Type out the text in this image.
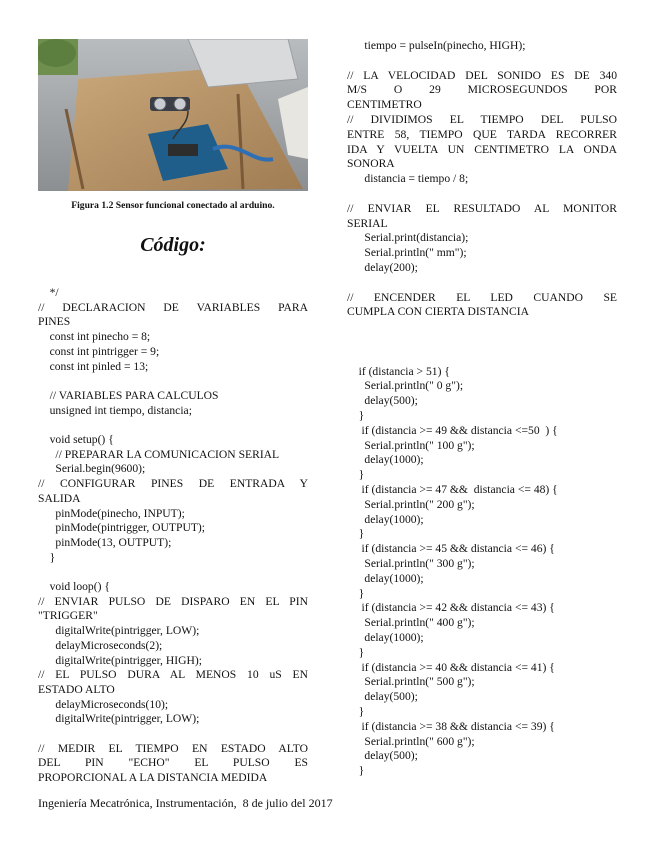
Figura 1.2 Sensor funcional conectado al arduino.
Código:
*/
// DECLARACION DE VARIABLES PARA
PINES
const int pinecho = 8;
const int pintrigger = 9;
const int pinled = 13;
// VARIABLES PARA CALCULOS
unsigned int tiempo, distancia;
void setup() {
// PREPARAR LA COMUNICACION SERIAL
Serial.begin(9600);
// CONFIGURAR PINES DE ENTRADA Y
SALIDA
pinMode(pinecho, INPUT);
pinMode(pintrigger, OUTPUT);
pinMode(13, OUTPUT);
}
void loop() {
// ENVIAR PULSO DE DISPARO EN EL PIN
"TRIGGER"
digitalWrite(pintrigger, LOW);
delayMicroseconds(2);
digitalWrite(pintrigger, HIGH);
// EL PULSO DURA AL MENOS 10 uS EN
ESTADO ALTO
delayMicroseconds(10);
digitalWrite(pintrigger, LOW);
// MEDIR EL TIEMPO EN ESTADO ALTO
DEL PIN "ECHO" EL PULSO ES
PROPORCIONAL A LA DISTANCIA MEDIDA
tiempo = pulseIn(pinecho, HIGH);
// LA VELOCIDAD DEL SONIDO ES DE 340
M/S O 29 MICROSEGUNDOS POR
CENTIMETRO
// DIVIDIMOS EL TIEMPO DEL PULSO
ENTRE 58, TIEMPO QUE TARDA RECORRER
IDA Y VUELTA UN CENTIMETRO LA ONDA
SONORA
distancia = tiempo / 8;
// ENVIAR EL RESULTADO AL MONITOR
SERIAL
Serial.print(distancia);
Serial.println(" mm");
delay(200);
// ENCENDER EL LED CUANDO SE
CUMPLA CON CIERTA DISTANCIA
if (distancia > 51) {
Serial.println(" 0 g");
delay(500);
}
if (distancia >= 49 && distancia <=50  ) {
Serial.println(" 100 g");
delay(1000);
}
if (distancia >= 47 &&  distancia <= 48) {
Serial.println(" 200 g");
delay(1000);
}
if (distancia >= 45 && distancia <= 46) {
Serial.println(" 300 g");
delay(1000);
}
if (distancia >= 42 && distancia <= 43) {
Serial.println(" 400 g");
delay(1000);
}
if (distancia >= 40 && distancia <= 41) {
Serial.println(" 500 g");
delay(500);
}
if (distancia >= 38 && distancia <= 39) {
Serial.println(" 600 g");
delay(500);
}
Ingeniería Mecatrónica, Instrumentación,  8 de julio del 2017
